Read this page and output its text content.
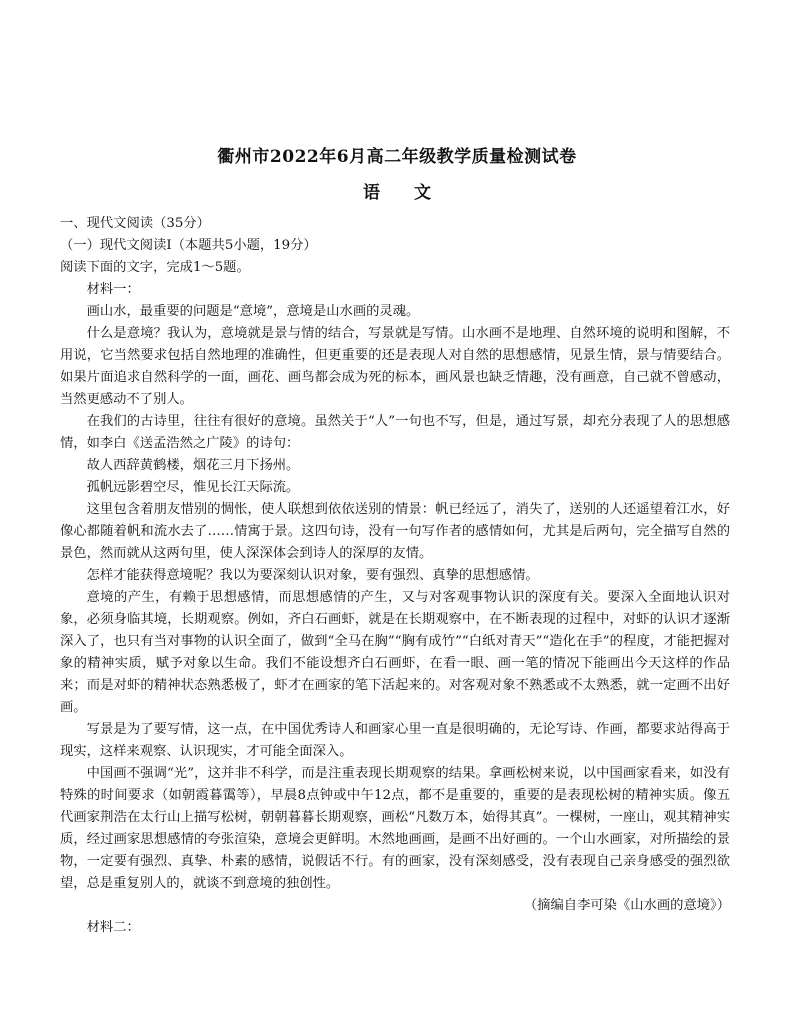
衢州市2022年6月高二年级教学质量检测试卷
语 文

一、现代文阅读（35分）

（一）现代文阅读Ⅰ（本题共5小题，19分）

阅读下面的文字，完成1～5题。

材料一：

画山水，最重要的问题是“意境”，意境是山水画的灵魂。

什么是意境？我认为，意境就是景与情的结合，写景就是写情。山水画不是地理、自然环境的说明和图解，不用说，它当然要求包括自然地理的准确性，但更重要的还是表现人对自然的思想感情，见景生情，景与情要结合。如果片面追求自然科学的一面，画花、画鸟都会成为死的标本，画风景也缺乏情趣，没有画意，自己就不曾感动，当然更感动不了别人。

在我们的古诗里，往往有很好的意境。虽然关于“人”一句也不写，但是，通过写景，却充分表现了人的思想感情，如李白《送孟浩然之广陵》的诗句：

故人西辞黄鹤楼，烟花三月下扬州。

孤帆远影碧空尽，惟见长江天际流。

这里包含着朋友惜别的惆怅，使人联想到依依送别的情景：帆已经远了，消失了，送别的人还遥望着江水，好像心都随着帆和流水去了……情寓于景。这四句诗，没有一句写作者的感情如何，尤其是后两句，完全描写自然的景色，然而就从这两句里，使人深深体会到诗人的深厚的友情。

怎样才能获得意境呢？我以为要深刻认识对象，要有强烈、真挚的思想感情。

意境的产生，有赖于思想感情，而思想感情的产生，又与对客观事物认识的深度有关。要深入全面地认识对象，必须身临其境，长期观察。例如，齐白石画虾，就是在长期观察中，在不断表现的过程中，对虾的认识才逐渐深入了，也只有当对事物的认识全面了，做到“全马在胸”“胸有成竹”“白纸对青天”“造化在手”的程度，才能把握对象的精神实质，赋予对象以生命。我们不能设想齐白石画虾，在看一眼、画一笔的情况下能画出今天这样的作品来；而是对虾的精神状态熟悉极了，虾才在画家的笔下活起来的。对客观对象不熟悉或不太熟悉，就一定画不出好画。

写景是为了要写情，这一点，在中国优秀诗人和画家心里一直是很明确的，无论写诗、作画，都要求站得高于现实，这样来观察、认识现实，才可能全面深入。

中国画不强调“光”，这并非不科学，而是注重表现长期观察的结果。拿画松树来说，以中国画家看来，如没有特殊的时间要求（如朝霞暮霭等），早晨8点钟或中午12点，都不是重要的，重要的是表现松树的精神实质。像五代画家荆浩在太行山上描写松树，朝朝暮暮长期观察，画松“凡数万本，始得其真”。一棵树，一座山，观其精神实质，经过画家思想感情的夸张渲染，意境会更鲜明。木然地画画，是画不出好画的。一个山水画家，对所描绘的景物，一定要有强烈、真挚、朴素的感情，说假话不行。有的画家，没有深刻感受，没有表现自己亲身感受的强烈欲望，总是重复别人的，就谈不到意境的独创性。

（摘编自李可染《山水画的意境》）

材料二：
